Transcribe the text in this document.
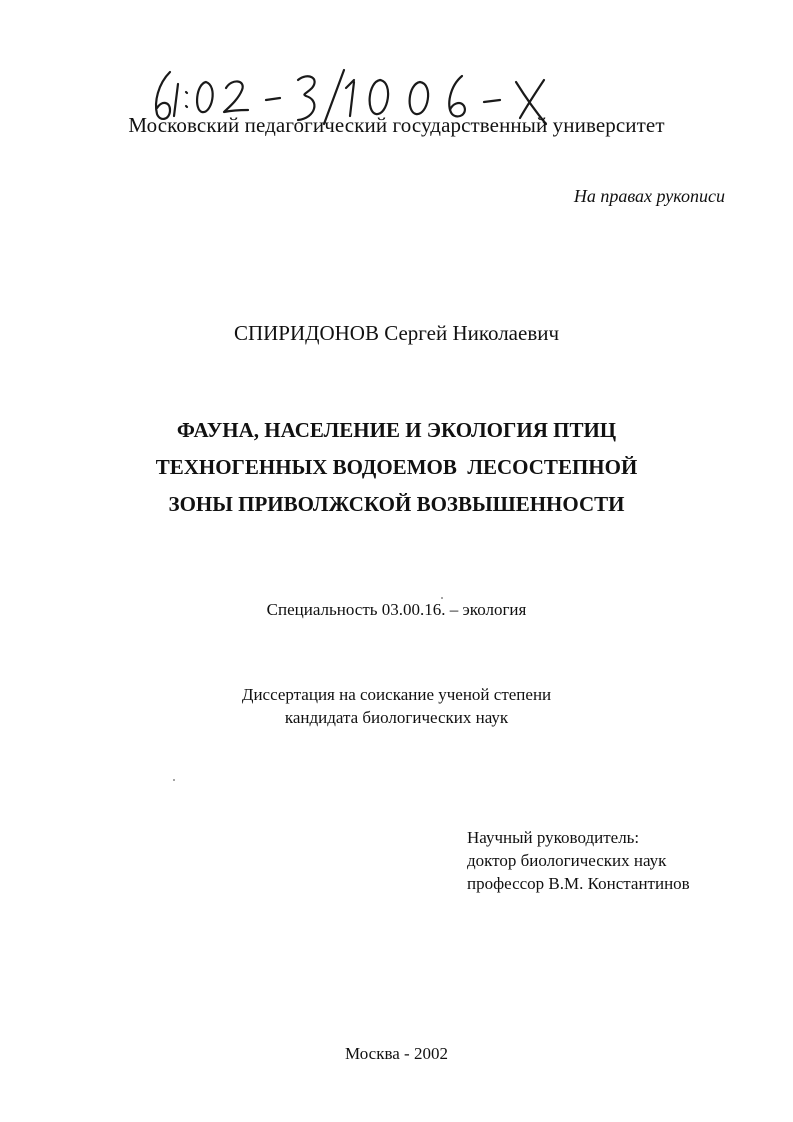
Московский педагогический государственный университет
На правах рукописи
СПИРИДОНОВ Сергей Николаевич
ФАУНА, НАСЕЛЕНИЕ И ЭКОЛОГИЯ ПТИЦ
ТЕХНОГЕННЫХ ВОДОЕМОВ  ЛЕСОСТЕПНОЙ
ЗОНЫ ПРИВОЛЖСКОЙ ВОЗВЫШЕННОСТИ
Специальность 03.00.16. – экология
Диссертация на соискание ученой степени
кандидата биологических наук
Научный руководитель:
доктор биологических наук
профессор В.М. Константинов
Москва - 2002
